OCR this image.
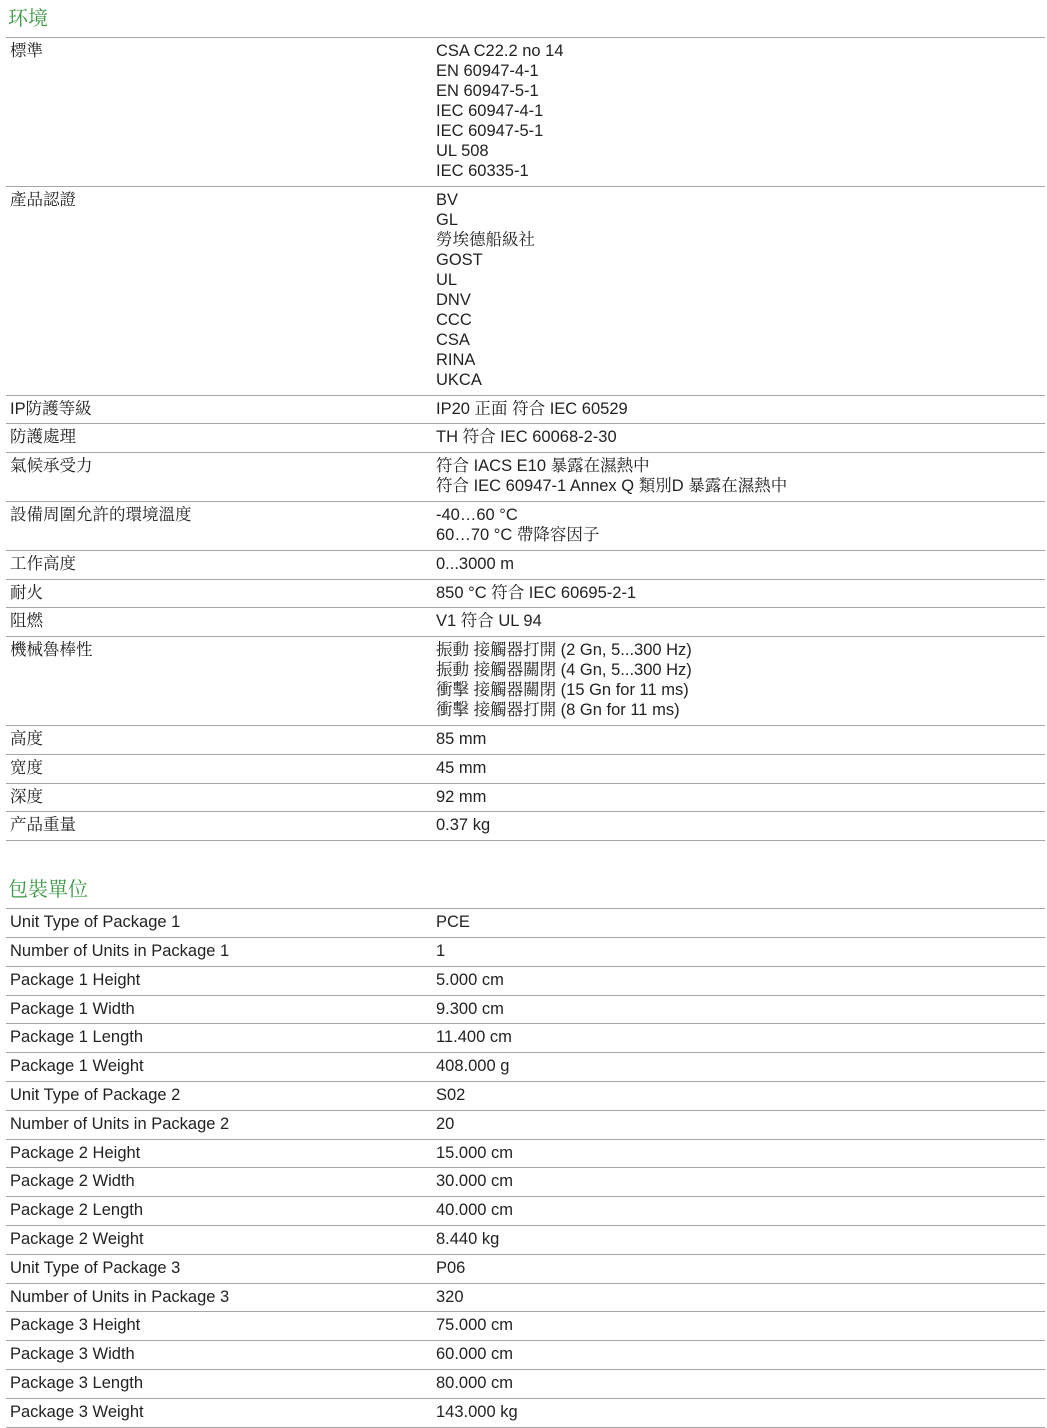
环境
標準	CSA C22.2 no 14
EN 60947-4-1
EN 60947-5-1
IEC 60947-4-1
IEC 60947-5-1
UL 508
IEC 60335-1
產品認證	BV
GL
勞埃德船級社
GOST
UL
DNV
CCC
CSA
RINA
UKCA
IP防護等級	IP20 正面 符合 IEC 60529
防護處理	TH 符合 IEC 60068-2-30
氣候承受力	符合 IACS E10 暴露在濕熱中
符合 IEC 60947-1 Annex Q 類別D 暴露在濕熱中
設備周圍允許的環境溫度	-40…60 °C
60…70 °C 帶降容因子
工作高度	0...3000 m
耐火	850 °C 符合 IEC 60695-2-1
阻燃	V1 符合 UL 94
機械魯棒性	振動 接觸器打開 (2 Gn, 5...300 Hz)
振動 接觸器關閉 (4 Gn, 5...300 Hz)
衝擊 接觸器關閉 (15 Gn for 11 ms)
衝擊 接觸器打開 (8 Gn for 11 ms)
高度	85 mm
宽度	45 mm
深度	92 mm
产品重量	0.37 kg
包裝單位
Unit Type of Package 1	PCE
Number of Units in Package 1	1
Package 1 Height	5.000 cm
Package 1 Width	9.300 cm
Package 1 Length	11.400 cm
Package 1 Weight	408.000 g
Unit Type of Package 2	S02
Number of Units in Package 2	20
Package 2 Height	15.000 cm
Package 2 Width	30.000 cm
Package 2 Length	40.000 cm
Package 2 Weight	8.440 kg
Unit Type of Package 3	P06
Number of Units in Package 3	320
Package 3 Height	75.000 cm
Package 3 Width	60.000 cm
Package 3 Length	80.000 cm
Package 3 Weight	143.000 kg
